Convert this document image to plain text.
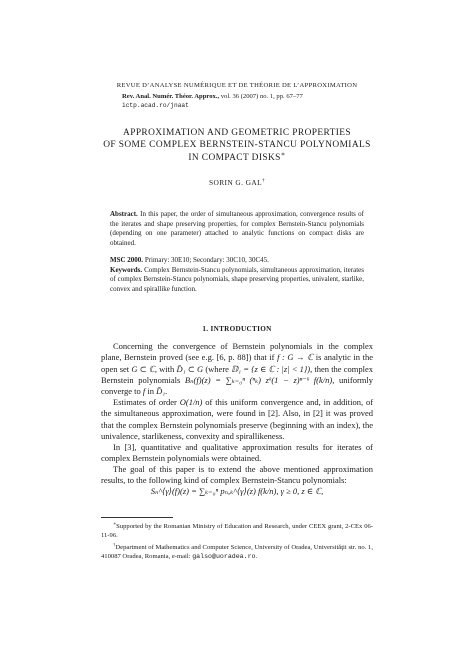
REVUE D’ANALYSE NUMÉRIQUE ET DE THÉORIE DE L’APPROXIMATION
Rev. Anal. Numér. Théor. Approx., vol. 36 (2007) no. 1, pp. 67–77
ictp.acad.ro/jnaat
APPROXIMATION AND GEOMETRIC PROPERTIES
OF SOME COMPLEX BERNSTEIN-STANCU POLYNOMIALS
IN COMPACT DISKS∗
SORIN G. GAL†
Abstract. In this paper, the order of simultaneous approximation, convergence results of the iterates and shape preserving properties, for complex Bernstein-Stancu polynomials (depending on one parameter) attached to analytic functions on compact disks are obtained.
MSC 2000. Primary: 30E10; Secondary: 30C10, 30C45.
Keywords. Complex Bernstein-Stancu polynomials, simultaneous approximation, iterates of complex Bernstein-Stancu polynomials, shape preserving properties, univalent, starlike, convex and spirallike function.
1. INTRODUCTION
Concerning the convergence of Bernstein polynomials in the complex plane, Bernstein proved (see e.g. [6, p. 88]) that if f : G → ℂ is analytic in the open set G ⊂ ℂ, with D̄₁ ⊂ G (where 𝔻₁ = {z ∈ ℂ : |z| < 1}), then the complex Bernstein polynomials Bₙ(f)(z) = ∑ₖ₌₀ⁿ (ⁿₖ) zᵏ(1 − z)ⁿ⁻ᵏ f(k/n), uniformly converge to f in D̄₁.
Estimates of order O(1/n) of this uniform convergence and, in addition, of the simultaneous approximation, were found in [2]. Also, in [2] it was proved that the complex Bernstein polynomials preserve (beginning with an index), the univalence, starlikeness, convexity and spirallikeness.
In [3], quantitative and qualitative approximation results for iterates of complex Bernstein polynomials were obtained.
The goal of this paper is to extend the above mentioned approximation results, to the following kind of complex Bernstein-Stancu polynomials:
Sₙ^⟨γ⟩(f)(z) = ∑ₖ₌₀ⁿ pₙ,ₖ^⟨γ⟩(z) f(k/n), γ ≥ 0, z ∈ ℂ,
∗Supported by the Romanian Ministry of Education and Research, under CEEX grant, 2-CEx 06-11-96.
†Department of Mathematics and Computer Science, University of Oradea, Universităţii str. no. 1, 410087 Oradea, Romania, e-mail: galso@uoradea.ro.
